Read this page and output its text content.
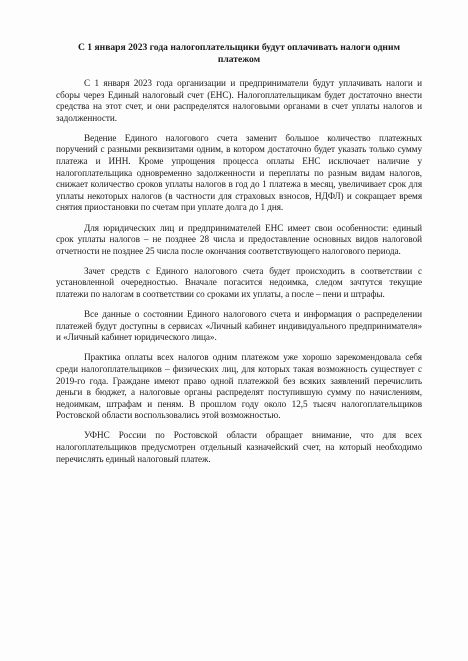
С 1 января 2023 года налогоплательщики будут оплачивать налоги одним платежом

С 1 января 2023 года организации и предприниматели будут уплачивать налоги и сборы через Единый налоговый счет (ЕНС). Налогоплательщикам будет достаточно внести средства на этот счет, и они распределятся налоговыми органами в счет уплаты налогов и задолженности.

Ведение Единого налогового счета заменит большое количество платежных поручений с разными реквизитами одним, в котором достаточно будет указать только сумму платежа и ИНН. Кроме упрощения процесса оплаты ЕНС исключает наличие у налогоплательщика одновременно задолженности и переплаты по разным видам налогов, снижает количество сроков уплаты налогов в год до 1 платежа в месяц, увеличивает срок для уплаты некоторых налогов (в частности для страховых взносов, НДФЛ) и сокращает время снятия приостановки по счетам при уплате долга до 1 дня.

Для юридических лиц и предпринимателей ЕНС имеет свои особенности: единый срок уплаты налогов – не позднее 28 числа и предоставление основных видов налоговой отчетности не позднее 25 числа после окончания соответствующего налогового периода.

Зачет средств с Единого налогового счета будет происходить в соответствии с установленной очередностью. Вначале погасится недоимка, следом зачтутся текущие платежи по налогам в соответствии со сроками их уплаты, а после – пени и штрафы.

Все данные о состоянии Единого налогового счета и информация о распределении платежей будут доступны в сервисах «Личный кабинет индивидуального предпринимателя» и «Личный кабинет юридического лица».

Практика оплаты всех налогов одним платежом уже хорошо зарекомендовала себя среди налогоплательщиков – физических лиц, для которых такая возможность существует с 2019-го года. Граждане имеют право одной платежкой без всяких заявлений перечислить деньги в бюджет, а налоговые органы распределят поступившую сумму по начислениям, недоимкам, штрафам и пеням. В прошлом году около 12,5 тысяч налогоплательщиков Ростовской области воспользовались этой возможностью.

УФНС России по Ростовской области обращает внимание, что для всех налогоплательщиков предусмотрен отдельный казначейский счет, на который необходимо перечислять единый налоговый платеж.
